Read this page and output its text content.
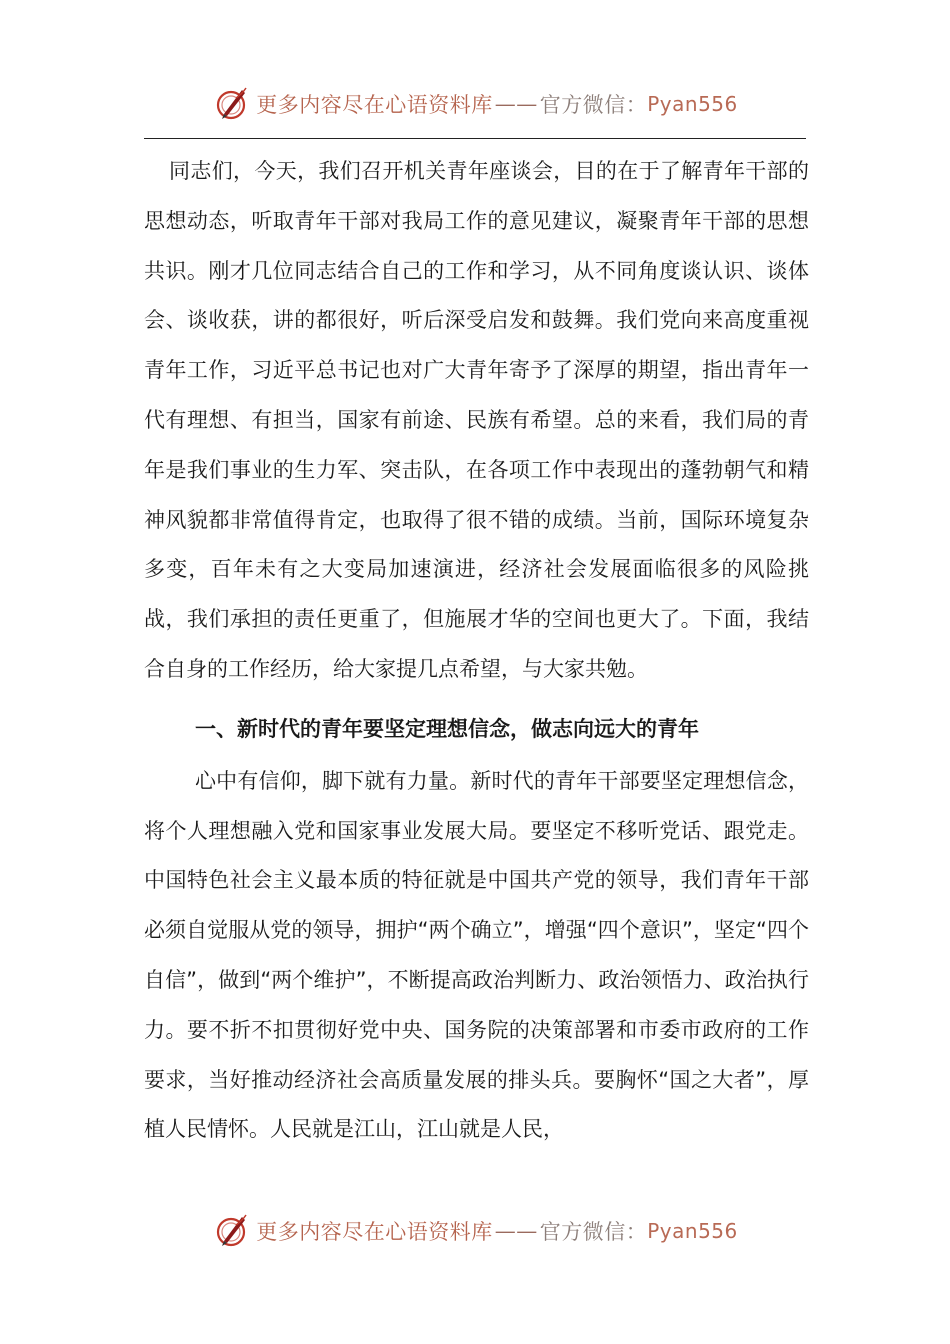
更多内容尽在心语资料库 —— 官方微信： Pyan556

同志们，今天，我们召开机关青年座谈会，目的在于了解青年干部的思想动态，听取青年干部对我局工作的意见建议，凝聚青年干部的思想共识。刚才几位同志结合自己的工作和学习，从不同角度谈认识、谈体会、谈收获，讲的都很好，听后深受启发和鼓舞。我们党向来高度重视青年工作，习近平总书记也对广大青年寄予了深厚的期望，指出青年一代有理想、有担当，国家有前途、民族有希望。总的来看，我们局的青年是我们事业的生力军、突击队，在各项工作中表现出的蓬勃朝气和精神风貌都非常值得肯定，也取得了很不错的成绩。当前，国际环境复杂多变，百年未有之大变局加速演进，经济社会发展面临很多的风险挑战，我们承担的责任更重了，但施展才华的空间也更大了。下面，我结合自身的工作经历，给大家提几点希望，与大家共勉。

一、新时代的青年要坚定理想信念，做志向远大的青年

心中有信仰，脚下就有力量。新时代的青年干部要坚定理想信念，将个人理想融入党和国家事业发展大局。要坚定不移听党话、跟党走。中国特色社会主义最本质的特征就是中国共产党的领导，我们青年干部必须自觉服从党的领导，拥护“两个确立”，增强“四个意识”，坚定“四个自信”，做到“两个维护”，不断提高政治判断力、政治领悟力、政治执行力。要不折不扣贯彻好党中央、国务院的决策部署和市委市政府的工作要求，当好推动经济社会高质量发展的排头兵。要胸怀“国之大者”，厚植人民情怀。人民就是江山，江山就是人民，

更多内容尽在心语资料库 —— 官方微信： Pyan556
